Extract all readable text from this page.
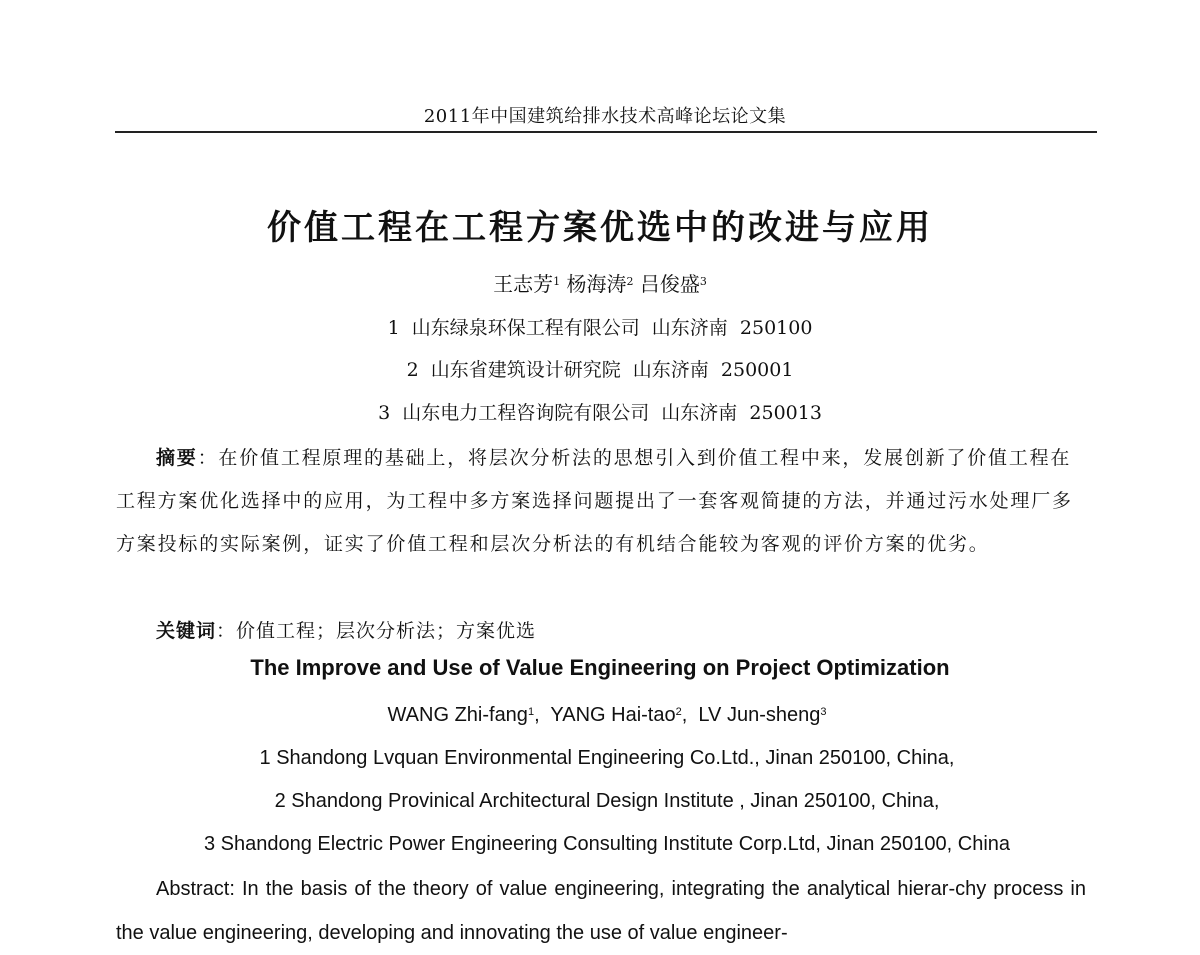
2011年中国建筑给排水技术高峰论坛论文集
价值工程在工程方案优选中的改进与应用
王志芳$^1$ 杨海涛$^2$ 吕俊盛$^3$
1  山东绿泉环保工程有限公司  山东济南  250100
2  山东省建筑设计研究院  山东济南  250001
3  山东电力工程咨询院有限公司  山东济南  250013
摘要：在价值工程原理的基础上，将层次分析法的思想引入到价值工程中来，发展创新了价值工程在工程方案优化选择中的应用，为工程中多方案选择问题提出了一套客观简捷的方法，并通过污水处理厂多方案投标的实际案例，证实了价值工程和层次分析法的有机结合能较为客观的评价方案的优劣。
关键词：价值工程；层次分析法；方案优选
The Improve and Use of Value Engineering on Project Optimization
WANG Zhi-fang$^1$,  YANG Hai-tao$^2$,  LV Jun-sheng$^3$
1 Shandong Lvquan Environmental Engineering Co.Ltd., Jinan 250100, China,
2 Shandong Provinical Architectural Design Institute , Jinan 250100, China,
3 Shandong Electric Power Engineering Consulting Institute Corp.Ltd, Jinan 250100, China
Abstract: In the basis of the theory of value engineering, integrating the analytical hierar-chy process in the value engineering, developing and innovating the use of value engineer-
